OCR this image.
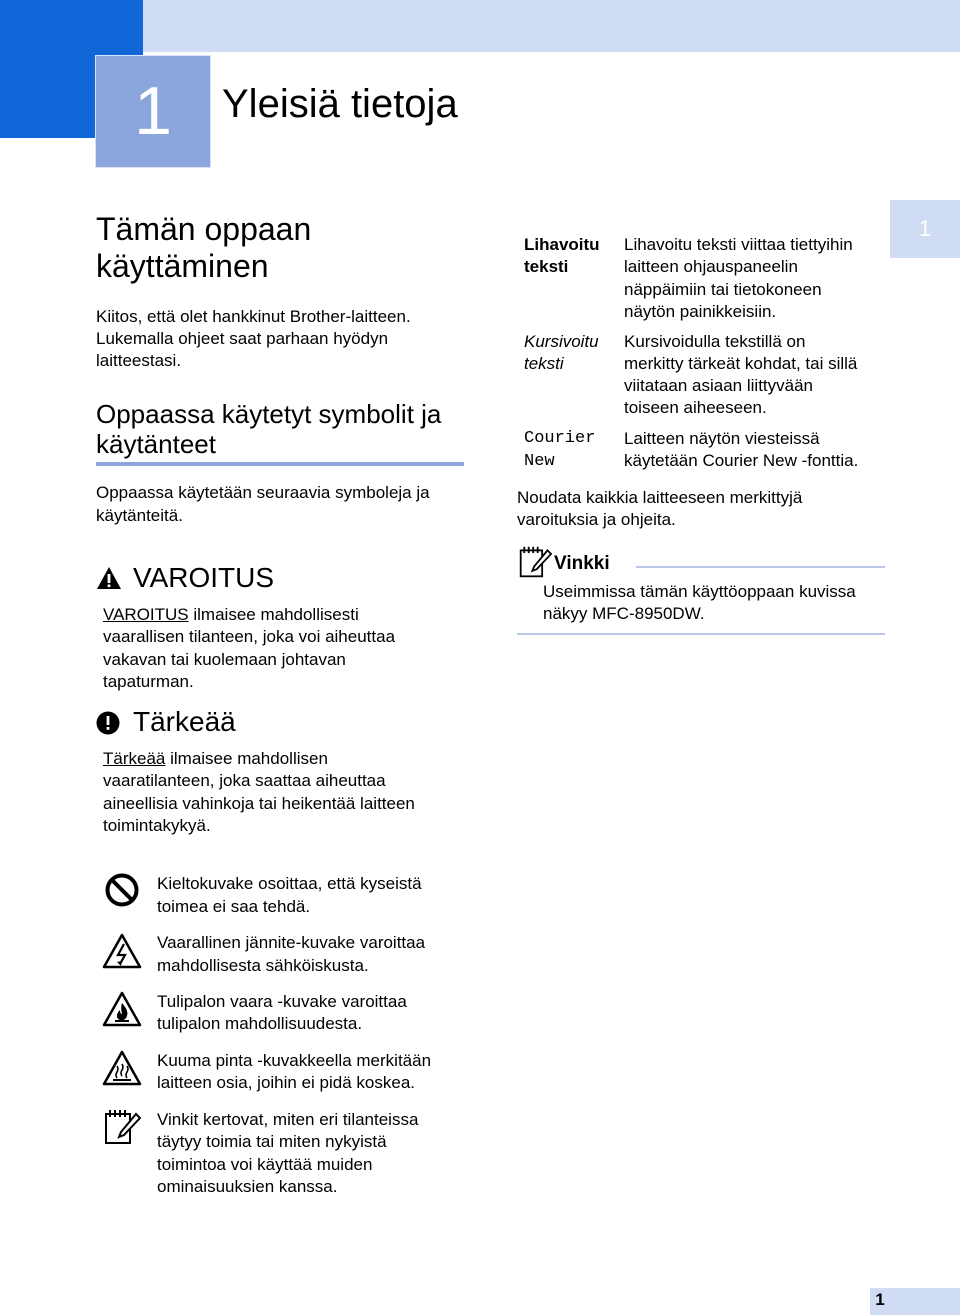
1	Yleisiä tietoja
1
Tämän oppaan
käyttäminen
Kiitos, että olet hankkinut Brother-laitteen.
Lukemalla ohjeet saat parhaan hyödyn
laitteestasi.
Oppaassa käytetyt symbolit ja
käytänteet
Oppaassa käytetään seuraavia symboleja ja
käytänteitä.
VAROITUS
VAROITUS ilmaisee mahdollisesti
vaarallisen tilanteen, joka voi aiheuttaa
vakavan tai kuolemaan johtavan
tapaturman.
Tärkeää
Tärkeää ilmaisee mahdollisen
vaaratilanteen, joka saattaa aiheuttaa
aineellisia vahinkoja tai heikentää laitteen
toimintakykyä.
Kieltokuvake osoittaa, että kyseistä
toimea ei saa tehdä.
Vaarallinen jännite-kuvake varoittaa
mahdollisesta sähköiskusta.
Tulipalon vaara -kuvake varoittaa
tulipalon mahdollisuudesta.
Kuuma pinta -kuvakkeella merkitään
laitteen osia, joihin ei pidä koskea.
Vinkit kertovat, miten eri tilanteissa
täytyy toimia tai miten nykyistä
toimintoa voi käyttää muiden
ominaisuuksien kanssa.
Lihavoitu
teksti
Lihavoitu teksti viittaa tiettyihin
laitteen ohjauspaneelin
näppäimiin tai tietokoneen
näytön painikkeisiin.
Kursivoitu
teksti
Kursivoidulla tekstillä on
merkitty tärkeät kohdat, tai sillä
viitataan asiaan liittyvään
toiseen aiheeseen.
Courier
New
Laitteen näytön viesteissä
käytetään Courier New -fonttia.
Noudata kaikkia laitteeseen merkittyjä
varoituksia ja ohjeita.
Vinkki
Useimmissa tämän käyttöoppaan kuvissa
näkyy MFC-8950DW.
1
